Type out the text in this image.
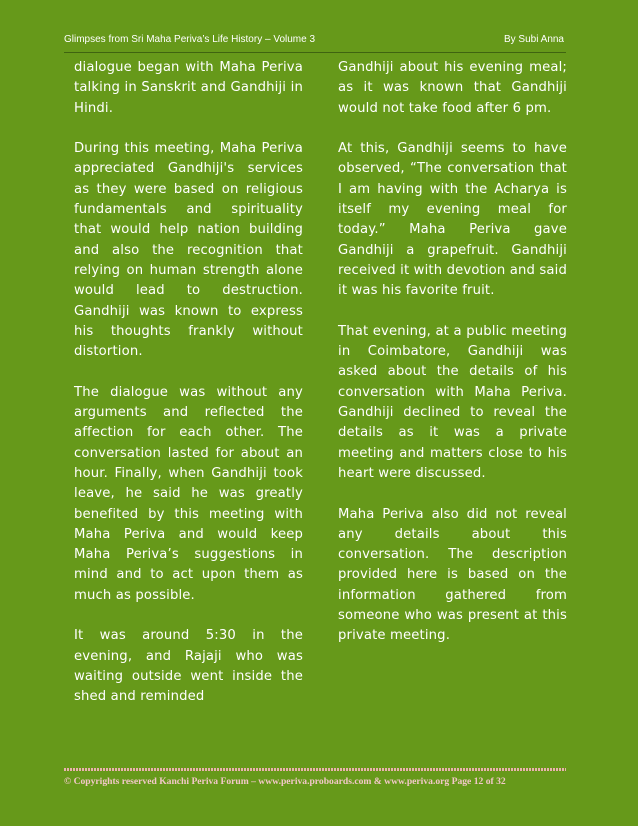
Glimpses from Sri Maha Periva’s Life History – Volume 3	By Subi Anna

dialogue began with Maha Periva talking in Sanskrit and Gandhiji in Hindi.

During this meeting, Maha Periva appreciated Gandhiji's services as they were based on religious fundamentals and spirituality that would help nation building and also the recognition that relying on human strength alone would lead to destruction. Gandhiji was known to express his thoughts frankly without distortion.

The dialogue was without any arguments and reflected the affection for each other. The conversation lasted for about an hour. Finally, when Gandhiji took leave, he said he was greatly benefited by this meeting with Maha Periva and would keep Maha Periva’s suggestions in mind and to act upon them as much as possible.

It was around 5:30 in the evening, and Rajaji who was waiting outside went inside the shed and reminded

Gandhiji about his evening meal; as it was known that Gandhiji would not take food after 6 pm.

At this, Gandhiji seems to have observed, “The conversation that I am having with the Acharya is itself my evening meal for today.” Maha Periva gave Gandhiji a grapefruit. Gandhiji received it with devotion and said it was his favorite fruit.

That evening, at a public meeting in Coimbatore, Gandhiji was asked about the details of his conversation with Maha Periva. Gandhiji declined to reveal the details as it was a private meeting and matters close to his heart were discussed.

Maha Periva also did not reveal any details about this conversation. The description provided here is based on the information gathered from someone who was present at this private meeting.

© Copyrights reserved Kanchi Periva Forum – www.periva.proboards.com & www.periva.org Page 12 of 32
